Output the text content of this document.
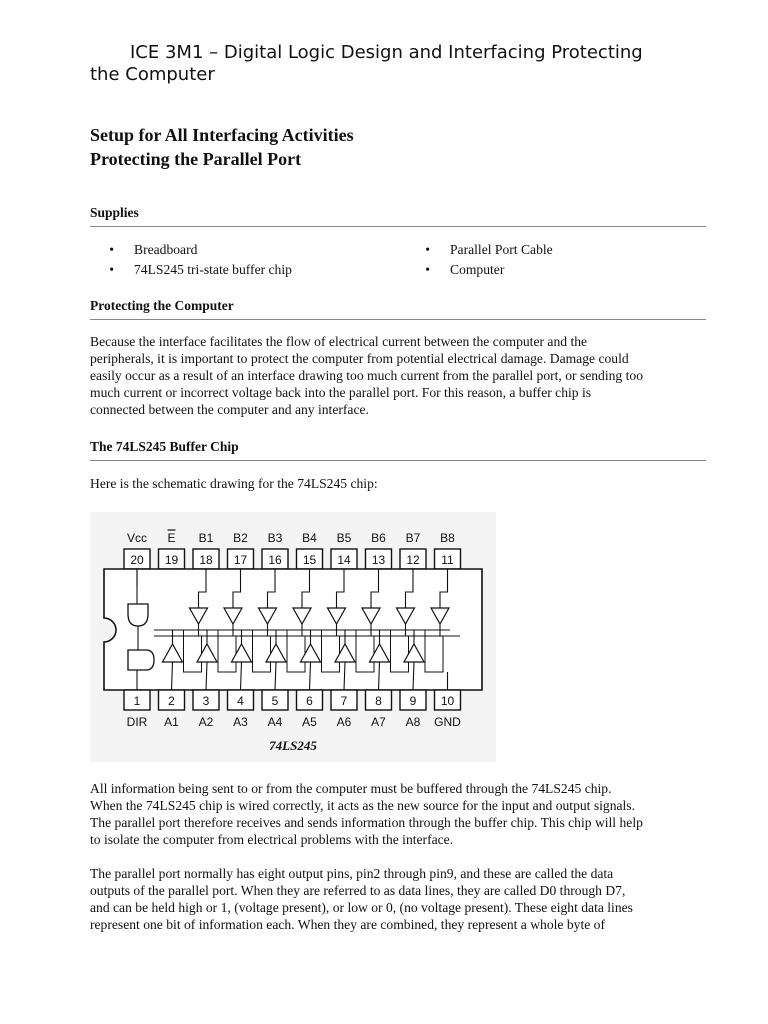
ICE 3M1 – Digital Logic Design and Interfacing Protecting
the Computer
Setup for All Interfacing Activities
Protecting the Parallel Port
Supplies
• Breadboard
• 74LS245 tri-state buffer chip
• Parallel Port Cable
• Computer
Protecting the Computer
Because the interface facilitates the flow of electrical current between the computer and the
peripherals, it is important to protect the computer from potential electrical damage. Damage could
easily occur as a result of an interface drawing too much current from the parallel port, or sending too
much current or incorrect voltage back into the parallel port. For this reason, a buffer chip is
connected between the computer and any interface.
The 74LS245 Buffer Chip
Here is the schematic drawing for the 74LS245 chip:
Vcc E B1 B2 B3 B4 B5 B6 B7 B8
20 19 18 17 16 15 14 13 12 11
1 2 3 4 5 6 7 8 9 10
DIR A1 A2 A3 A4 A5 A6 A7 A8 GND
74LS245
All information being sent to or from the computer must be buffered through the 74LS245 chip.
When the 74LS245 chip is wired correctly, it acts as the new source for the input and output signals.
The parallel port therefore receives and sends information through the buffer chip. This chip will help
to isolate the computer from electrical problems with the interface.
The parallel port normally has eight output pins, pin2 through pin9, and these are called the data
outputs of the parallel port. When they are referred to as data lines, they are called D0 through D7,
and can be held high or 1, (voltage present), or low or 0, (no voltage present). These eight data lines
represent one bit of information each. When they are combined, they represent a whole byte of
